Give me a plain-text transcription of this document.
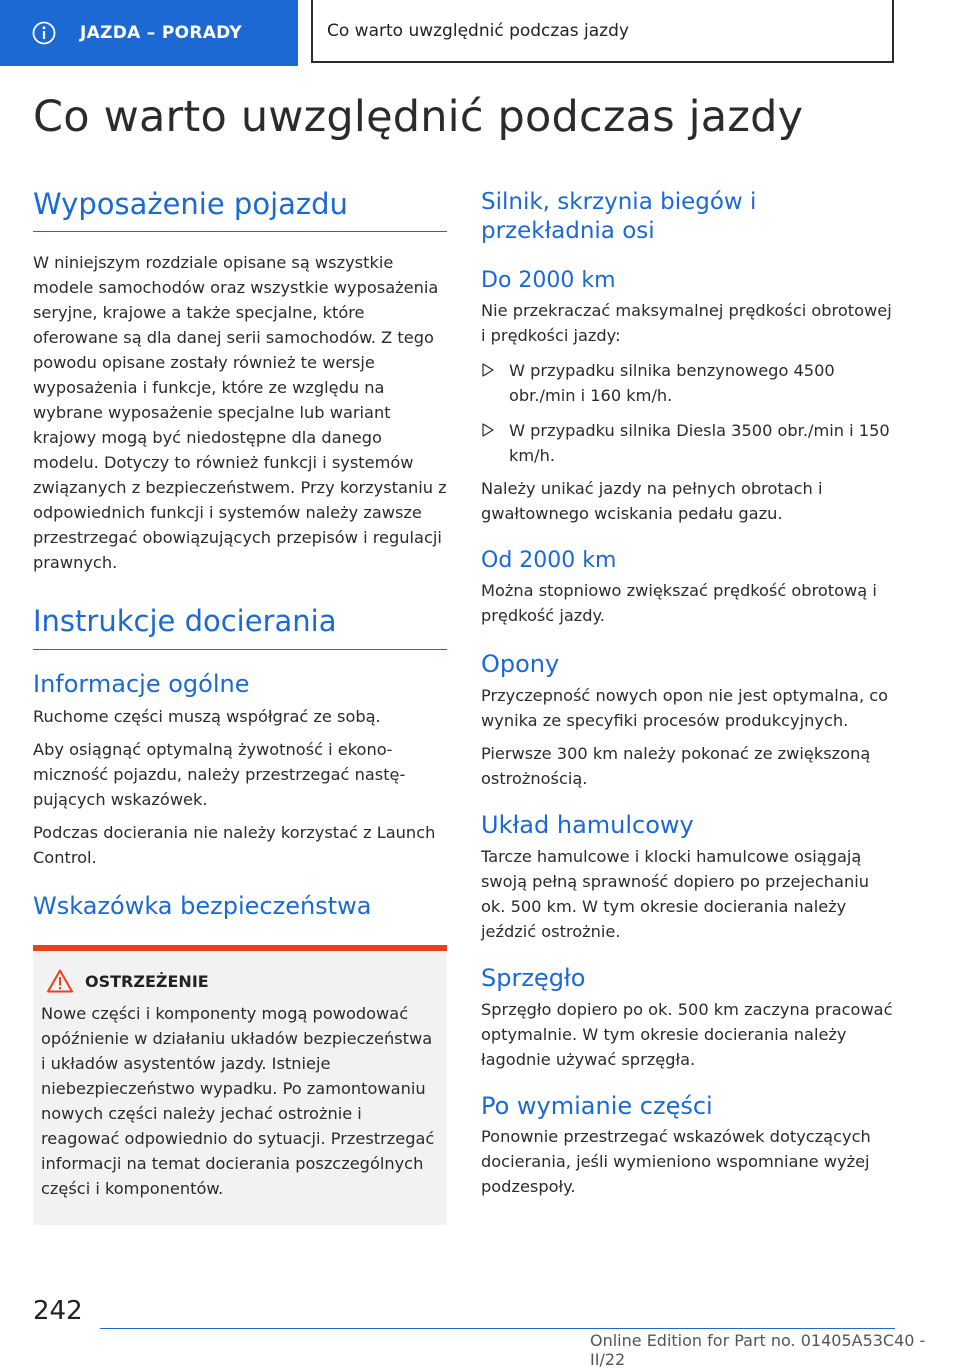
JAZDA – PORADY	Co warto uwzględnić podczas jazdy
Co warto uwzględnić podczas jazdy
Wyposażenie pojazdu

W niniejszym rozdziale opisane są wszystkie modele samochodów oraz wszystkie wyposażenia seryjne, krajowe a także specjalne, które oferowane są dla danej serii samochodów. Z tego powodu opisane zostały również te wersje wyposażenia i funkcje, które ze względu na wybrane wyposażenie specjalne lub wariant krajowy mogą być niedostępne dla danego modelu. Dotyczy to również funkcji i systemów związanych z bezpieczeństwem. Przy korzystaniu z odpowiednich funkcji i systemów należy zawsze przestrzegać obowiązujących przepisów i regulacji prawnych.

Instrukcje docierania
Informacje ogólne

Ruchome części muszą współgrać ze sobą.

Aby osiągnąć optymalną żywotność i ekonomiczność pojazdu, należy przestrzegać następujących wskazówek.

Podczas docierania nie należy korzystać z Launch Control.

Wskazówka bezpieczeństwa
OSTRZEŻENIE

Nowe części i komponenty mogą powodować opóźnienie w działaniu układów bezpieczeństwa i układów asystentów jazdy. Istnieje niebezpieczeństwo wypadku. Po zamontowaniu nowych części należy jechać ostrożnie i reagować odpowiednio do sytuacji. Przestrzegać informacji na temat docierania poszczególnych części i komponentów.

Silnik, skrzynia biegów i przekładnia osi
Do 2000 km

Nie przekraczać maksymalnej prędkości obrotowej i prędkości jazdy:

W przypadku silnika benzynowego 4500 obr./min i 160 km/h.
W przypadku silnika Diesla 3500 obr./min i 150 km/h.

Należy unikać jazdy na pełnych obrotach i gwałtownego wciskania pedału gazu.

Od 2000 km

Można stopniowo zwiększać prędkość obrotową i prędkość jazdy.

Opony

Przyczepność nowych opon nie jest optymalna, co wynika ze specyfiki procesów produkcyjnych.

Pierwsze 300 km należy pokonać ze zwiększoną ostrożnością.

Układ hamulcowy

Tarcze hamulcowe i klocki hamulcowe osiągają swoją pełną sprawność dopiero po przejechaniu ok. 500 km. W tym okresie docierania należy jeździć ostrożnie.

Sprzęgło

Sprzęgło dopiero po ok. 500 km zaczyna pracować optymalnie. W tym okresie docierania należy łagodnie używać sprzęgła.

Po wymianie części

Ponownie przestrzegać wskazówek dotyczących docierania, jeśli wymieniono wspomniane wyżej podzespoły.

242
Online Edition for Part no. 01405A53C40 - II/22
